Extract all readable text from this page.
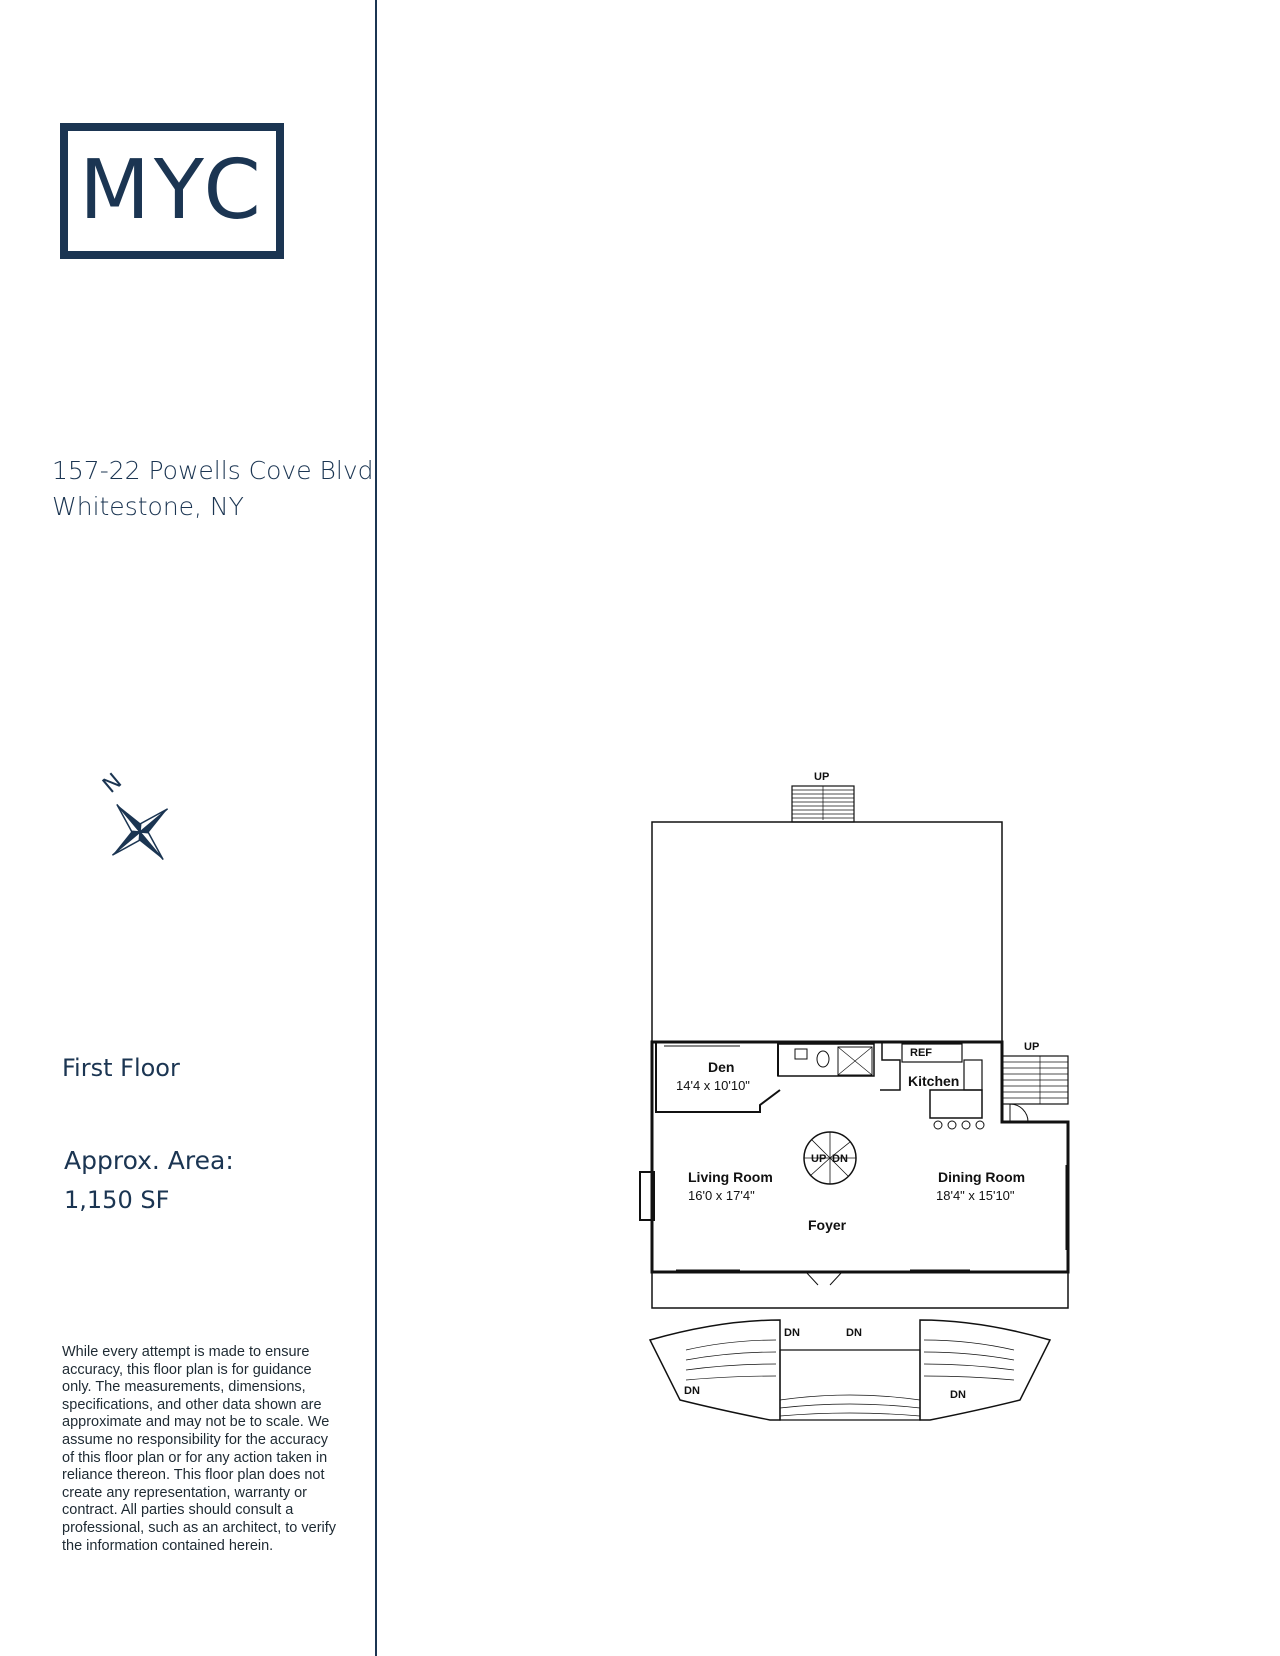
MYC
157-22 Powells Cove Blvd
Whitestone, NY
N
First Floor
Approx. Area:
1,150 SF
While every attempt is made to ensure accuracy, this floor plan is for guidance only. The measurements, dimensions, specifications, and other data shown are approximate and may not be to scale. We assume no responsibility for the accuracy of this floor plan or for any action taken in reliance thereon. This floor plan does not create any representation, warranty or contract. All parties should consult a professional, such as an architect, to verify the information contained herein.
UP
UP
REF
UP DN
DN	DN
DN	DN
Den
14'4 x 10'10"	Kitchen
Living Room
16'0 x 17'4"
Dining Room
18'4" x 15'10"
Foyer
